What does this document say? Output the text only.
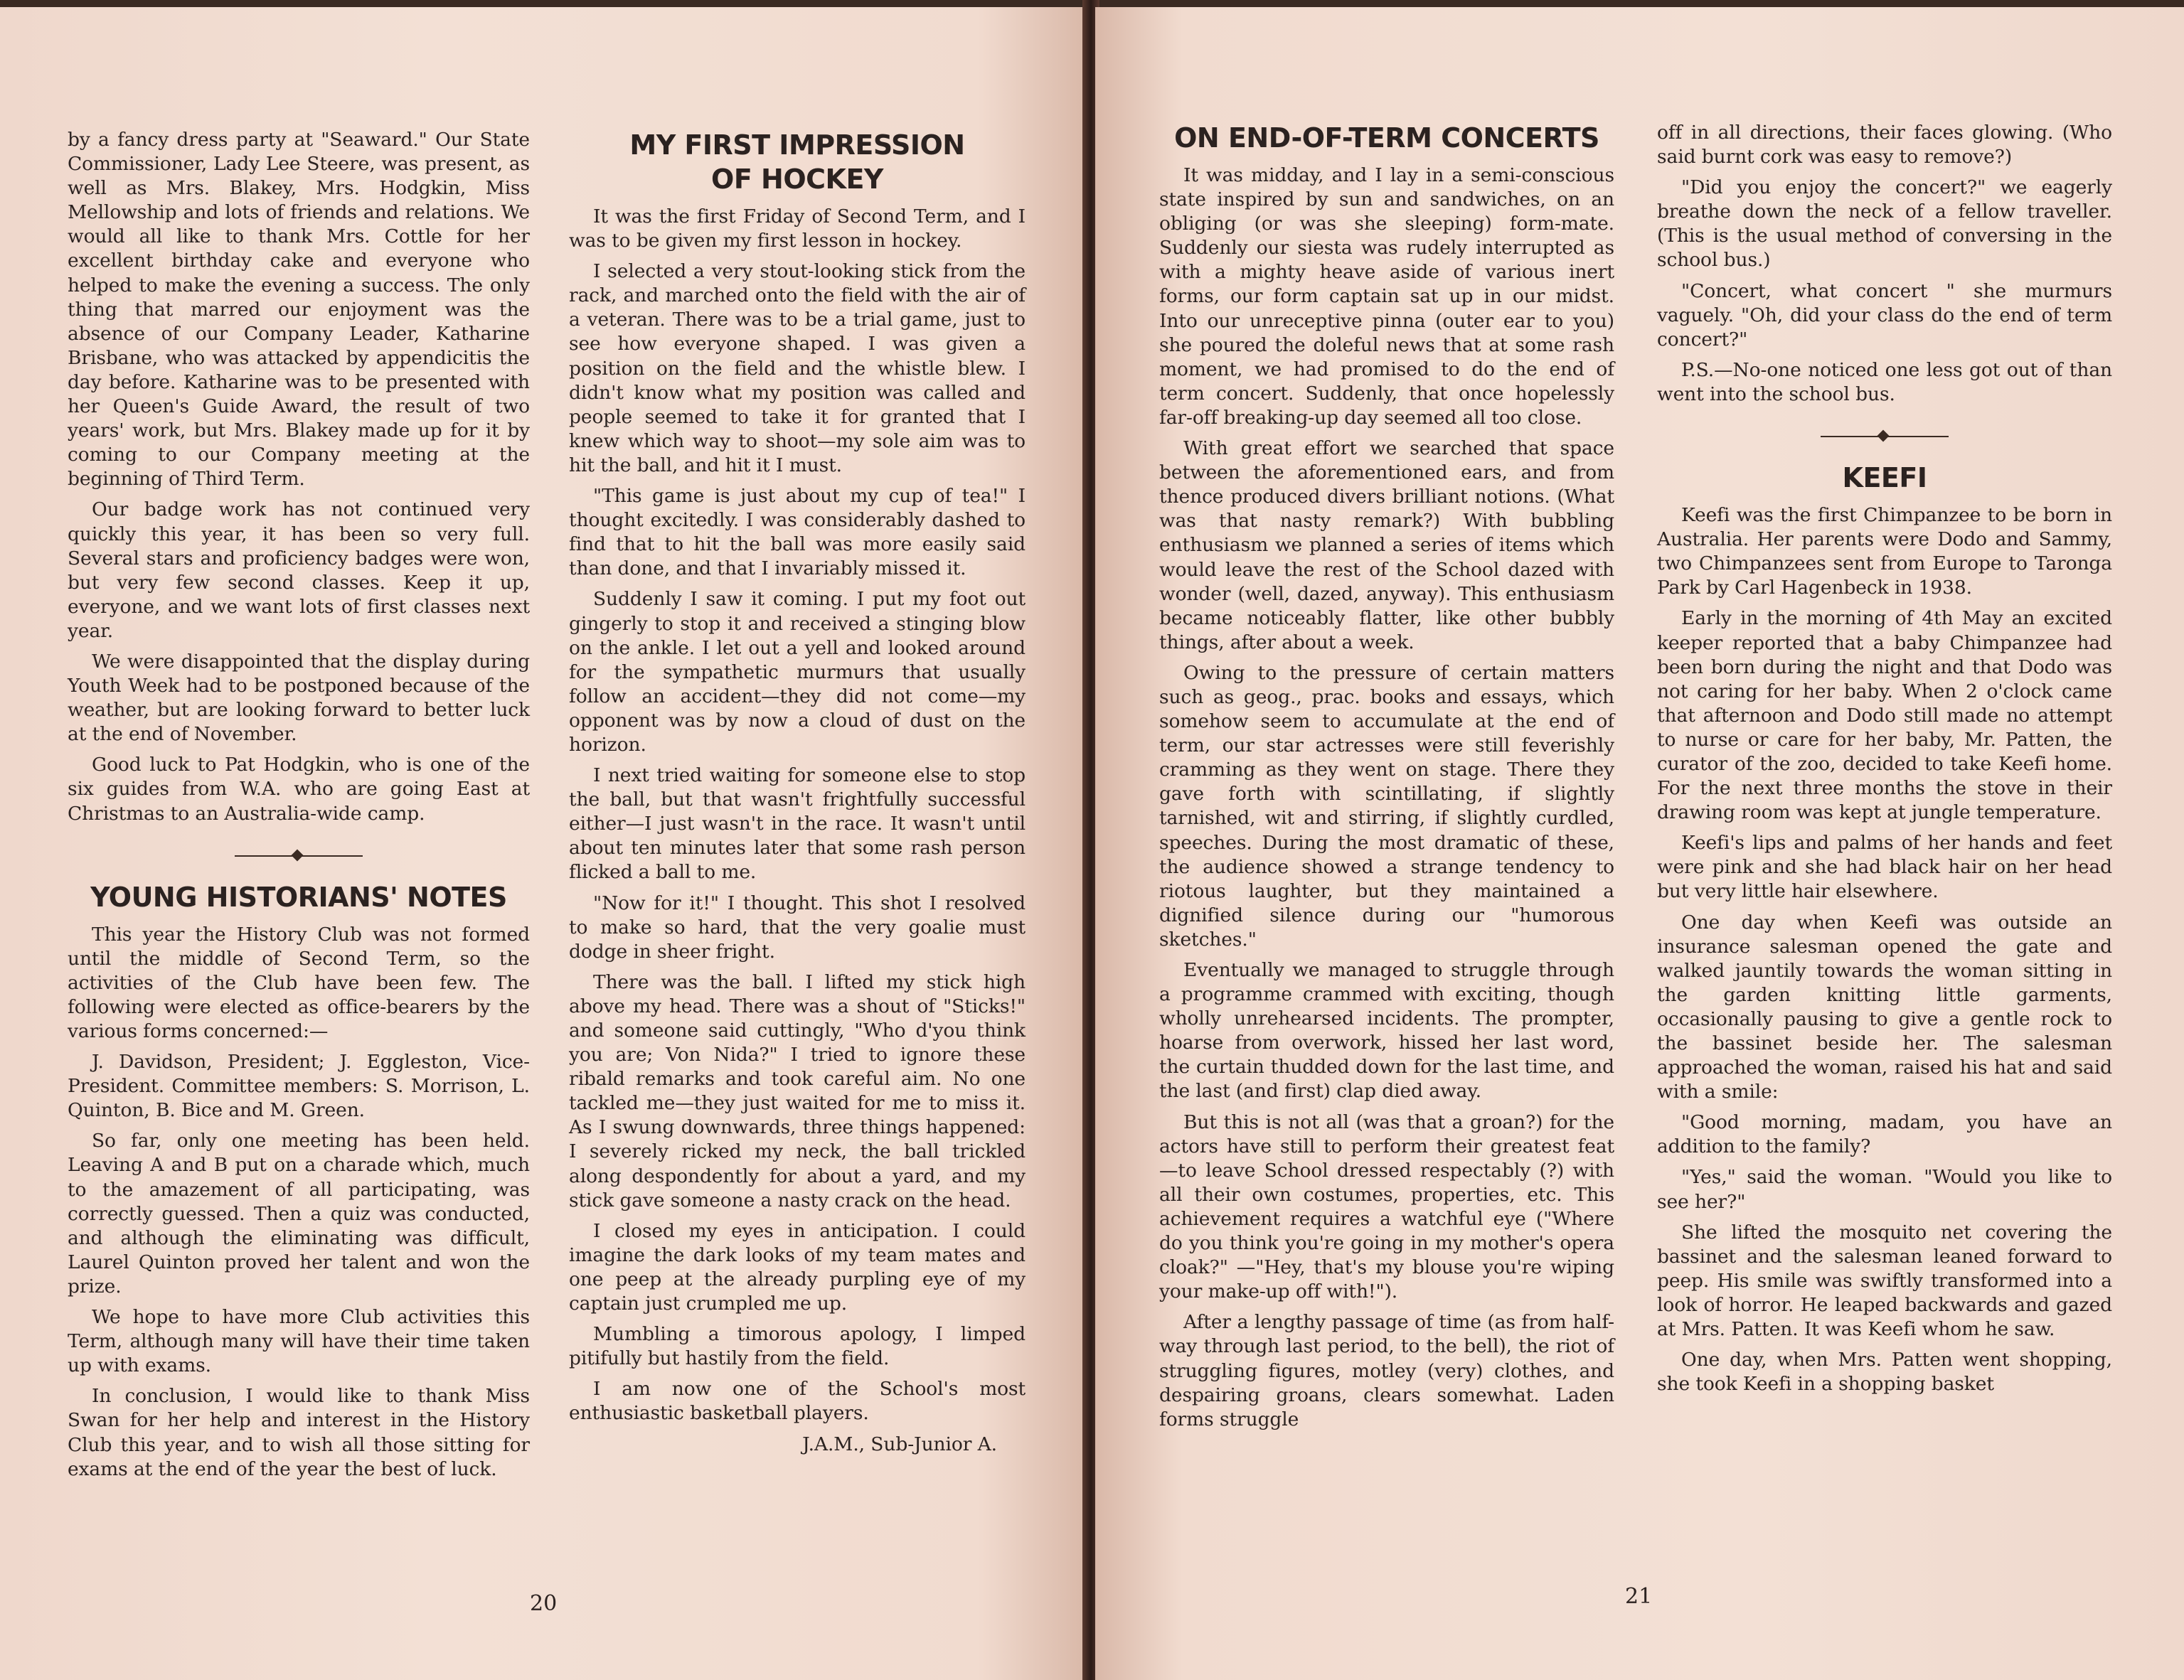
by a fancy dress party at "Seaward." Our State Commissioner, Lady Lee Steere, was present, as well as Mrs. Blakey, Mrs. Hodgkin, Miss Mellowship and lots of friends and relations. We would all like to thank Mrs. Cottle for her excellent birthday cake and everyone who helped to make the evening a success. The only thing that marred our enjoyment was the absence of our Company Leader, Katharine Brisbane, who was attacked by appendicitis the day before. Katharine was to be presented with her Queen's Guide Award, the result of two years' work, but Mrs. Blakey made up for it by coming to our Company meeting at the beginning of Third Term.

Our badge work has not continued very quickly this year, it has been so very full. Several stars and proficiency badges were won, but very few second classes. Keep it up, everyone, and we want lots of first classes next year.

We were disappointed that the display during Youth Week had to be postponed because of the weather, but are looking forward to better luck at the end of November.

Good luck to Pat Hodgkin, who is one of the six guides from W.A. who are going East at Christmas to an Australia-wide camp.

YOUNG HISTORIANS' NOTES

This year the History Club was not formed until the middle of Second Term, so the activities of the Club have been few. The following were elected as office-bearers by the various forms concerned:—

J. Davidson, President; J. Eggleston, Vice-President. Committee members: S. Morrison, L. Quinton, B. Bice and M. Green.

So far, only one meeting has been held. Leaving A and B put on a charade which, much to the amazement of all participating, was correctly guessed. Then a quiz was conducted, and although the eliminating was difficult, Laurel Quinton proved her talent and won the prize.

We hope to have more Club activities this Term, although many will have their time taken up with exams.

In conclusion, I would like to thank Miss Swan for her help and interest in the History Club this year, and to wish all those sitting for exams at the end of the year the best of luck.

MY FIRST IMPRESSION OF HOCKEY

It was the first Friday of Second Term, and I was to be given my first lesson in hockey.

I selected a very stout-looking stick from the rack, and marched onto the field with the air of a veteran. There was to be a trial game, just to see how everyone shaped. I was given a position on the field and the whistle blew. I didn't know what my position was called and people seemed to take it for granted that I knew which way to shoot—my sole aim was to hit the ball, and hit it I must.

"This game is just about my cup of tea!" I thought excitedly. I was considerably dashed to find that to hit the ball was more easily said than done, and that I invariably missed it.

Suddenly I saw it coming. I put my foot out gingerly to stop it and received a stinging blow on the ankle. I let out a yell and looked around for the sympathetic murmurs that usually follow an accident—they did not come—my opponent was by now a cloud of dust on the horizon.

I next tried waiting for someone else to stop the ball, but that wasn't frightfully successful either—I just wasn't in the race. It wasn't until about ten minutes later that some rash person flicked a ball to me.

"Now for it!" I thought. This shot I resolved to make so hard, that the very goalie must dodge in sheer fright.

There was the ball. I lifted my stick high above my head. There was a shout of "Sticks!" and someone said cuttingly, "Who d'you think you are; Von Nida?" I tried to ignore these ribald remarks and took careful aim. No one tackled me—they just waited for me to miss it. As I swung downwards, three things happened: I severely ricked my neck, the ball trickled along despondently for about a yard, and my stick gave someone a nasty crack on the head.

I closed my eyes in anticipation. I could imagine the dark looks of my team mates and one peep at the already purpling eye of my captain just crumpled me up.

Mumbling a timorous apology, I limped pitifully but hastily from the field.

I am now one of the School's most enthusiastic basketball players.

J.A.M., Sub-Junior A.

20
ON END-OF-TERM CONCERTS

It was midday, and I lay in a semi-conscious state inspired by sun and sandwiches, on an obliging (or was she sleeping) form-mate. Suddenly our siesta was rudely interrupted as with a mighty heave aside of various inert forms, our form captain sat up in our midst. Into our unreceptive pinna (outer ear to you) she poured the doleful news that at some rash moment, we had promised to do the end of term concert. Suddenly, that once hopelessly far-off breaking-up day seemed all too close.

With great effort we searched that space between the aforementioned ears, and from thence produced divers brilliant notions. (What was that nasty remark?) With bubbling enthusiasm we planned a series of items which would leave the rest of the School dazed with wonder (well, dazed, anyway). This enthusiasm became noticeably flatter, like other bubbly things, after about a week.

Owing to the pressure of certain matters such as geog., prac. books and essays, which somehow seem to accumulate at the end of term, our star actresses were still feverishly cramming as they went on stage. There they gave forth with scintillating, if slightly tarnished, wit and stirring, if slightly curdled, speeches. During the most dramatic of these, the audience showed a strange tendency to riotous laughter, but they maintained a dignified silence during our "humorous sketches."

Eventually we managed to struggle through a programme crammed with exciting, though wholly unrehearsed incidents. The prompter, hoarse from overwork, hissed her last word, the curtain thudded down for the last time, and the last (and first) clap died away.

But this is not all (was that a groan?) for the actors have still to perform their greatest feat—to leave School dressed respectably (?) with all their own costumes, properties, etc. This achievement requires a watchful eye ("Where do you think you're going in my mother's opera cloak?" —"Hey, that's my blouse you're wiping your make-up off with!").

After a lengthy passage of time (as from half-way through last period, to the bell), the riot of struggling figures, motley (very) clothes, and despairing groans, clears somewhat. Laden forms struggle

off in all directions, their faces glowing. (Who said burnt cork was easy to remove?)

"Did you enjoy the concert?" we eagerly breathe down the neck of a fellow traveller. (This is the usual method of conversing in the school bus.)

"Concert, what concert " she murmurs vaguely. "Oh, did your class do the end of term concert?"

P.S.—No-one noticed one less got out of than went into the school bus.

KEEFI

Keefi was the first Chimpanzee to be born in Australia. Her parents were Dodo and Sammy, two Chimpanzees sent from Europe to Taronga Park by Carl Hagenbeck in 1938.

Early in the morning of 4th May an excited keeper reported that a baby Chimpanzee had been born during the night and that Dodo was not caring for her baby. When 2 o'clock came that afternoon and Dodo still made no attempt to nurse or care for her baby, Mr. Patten, the curator of the zoo, decided to take Keefi home. For the next three months the stove in their drawing room was kept at jungle temperature.

Keefi's lips and palms of her hands and feet were pink and she had black hair on her head but very little hair elsewhere.

One day when Keefi was outside an insurance salesman opened the gate and walked jauntily towards the woman sitting in the garden knitting little garments, occasionally pausing to give a gentle rock to the bassinet beside her. The salesman approached the woman, raised his hat and said with a smile:

"Good morning, madam, you have an addition to the family?

"Yes," said the woman. "Would you like to see her?"

She lifted the mosquito net covering the bassinet and the salesman leaned forward to peep. His smile was swiftly transformed into a look of horror. He leaped backwards and gazed at Mrs. Patten. It was Keefi whom he saw.

One day, when Mrs. Patten went shopping, she took Keefi in a shopping basket

21
